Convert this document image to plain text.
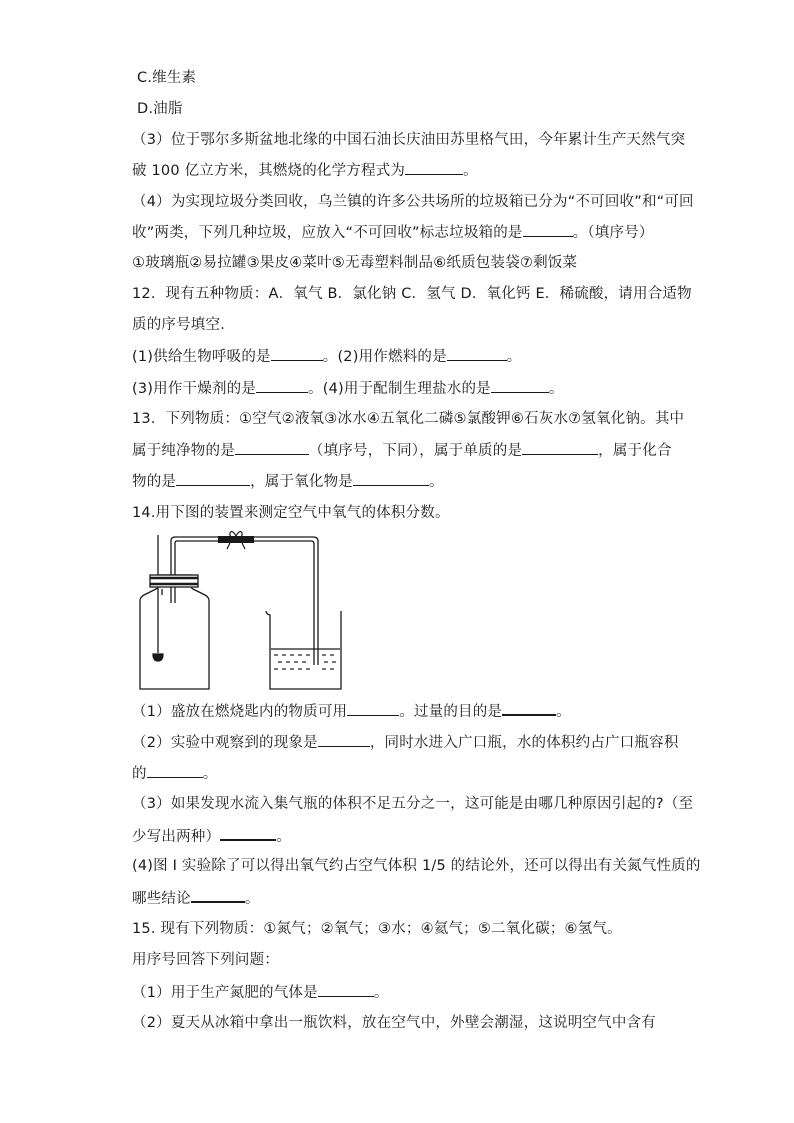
C.维生素
D.油脂
（3）位于鄂尔多斯盆地北缘的中国石油长庆油田苏里格气田，今年累计生产天然气突
破 100 亿立方米，其燃烧的化学方程式为	。
（4）为实现垃圾分类回收，乌兰镇的许多公共场所的垃圾箱已分为“不可回收”和“可回
收”两类，下列几种垃圾，应放入“不可回收”标志垃圾箱的是	。（填序号）
①玻璃瓶②易拉罐③果皮④菜叶⑤无毒塑料制品⑥纸质包装袋⑦剩饭菜
12．现有五种物质：A．氧气 B．氯化钠 C．氢气 D．氧化钙 E．稀硫酸，请用合适物
质的序号填空．
(1)供给生物呼吸的是	。(2)用作燃料的是	。
(3)用作干燥剂的是	。(4)用于配制生理盐水的是	。
13．下列物质：①空气②液氧③冰水④五氧化二磷⑤氯酸钾⑥石灰水⑦氢氧化钠。其中
属于纯净物的是	（填序号，下同），属于单质的是	，属于化合
物的是	，属于氧化物是	。
14.用下图的装置来测定空气中氧气的体积分数。
（1）盛放在燃烧匙内的物质可用	。过量的目的是	。
（2）实验中观察到的现象是	，同时水进入广口瓶，水的体积约占广口瓶容积
的	。
（3）如果发现水流入集气瓶的体积不足五分之一，这可能是由哪几种原因引起的?（至
少写出两种）	。
(4)图 I 实验除了可以得出氧气约占空气体积 1/5 的结论外，还可以得出有关氮气性质的
哪些结论	。
15. 现有下列物质：①氮气；②氧气；③水；④氦气；⑤二氧化碳；⑥氢气。
用序号回答下列问题：
（1）用于生产氮肥的气体是	。
（2）夏天从冰箱中拿出一瓶饮料，放在空气中，外壁会潮湿，这说明空气中含有
